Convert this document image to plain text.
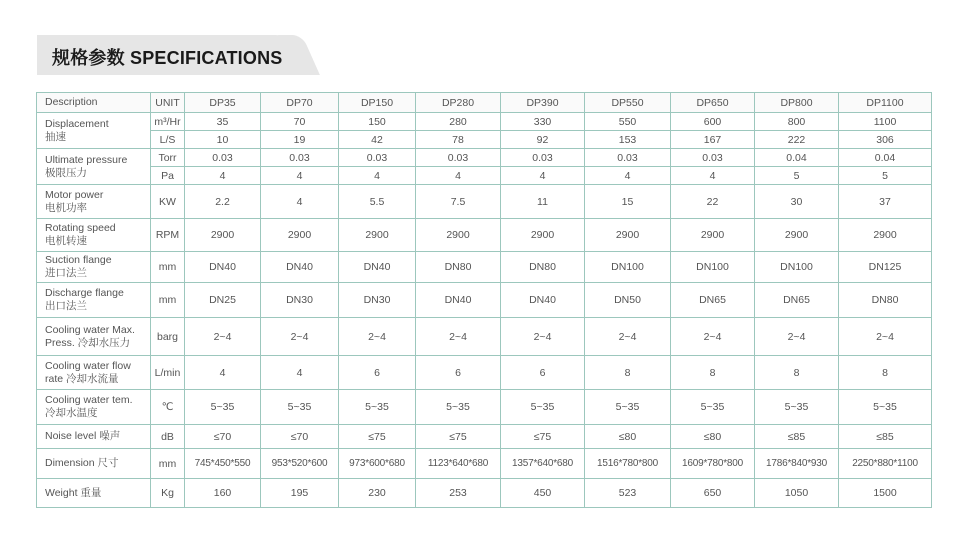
规格参数 SPECIFICATIONS
Description	UNIT	DP35	DP70	DP150	DP280	DP390	DP550	DP650	DP800	DP1100

Displacement
抽速	m³/Hr	35	70	150	280	330	550	600	800	1100
	L/S	10	19	42	78	92	153	167	222	306

Ultimate pressure
极限压力	Torr	0.03	0.03	0.03	0.03	0.03	0.03	0.03	0.04	0.04
	Pa	4	4	4	4	4	4	4	5	5

Motor power
电机功率	KW	2.2	4	5.5	7.5	11	15	22	30	37

Rotating speed
电机转速	RPM	2900	2900	2900	2900	2900	2900	2900	2900	2900

Suction flange
进口法兰	mm	DN40	DN40	DN40	DN80	DN80	DN100	DN100	DN100	DN125

Discharge flange
出口法兰	mm	DN25	DN30	DN30	DN40	DN40	DN50	DN65	DN65	DN80

Cooling water Max.
Press. 冷却水压力	barg	2~4	2~4	2~4	2~4	2~4	2~4	2~4	2~4	2~4

Cooling water flow
rate 冷却水流量	L/min	4	4	6	6	6	8	8	8	8

Cooling water tem.
冷却水温度	℃	5~35	5~35	5~35	5~35	5~35	5~35	5~35	5~35	5~35

Noise level 噪声	dB	≤70	≤70	≤75	≤75	≤75	≤80	≤80	≤85	≤85

Dimension 尺寸	mm	745*450*550	953*520*600	973*600*680	1123*640*680	1357*640*680	1516*780*800	1609*780*800	1786*840*930	2250*880*1100

Weight 重量	Kg	160	195	230	253	450	523	650	1050	1500
